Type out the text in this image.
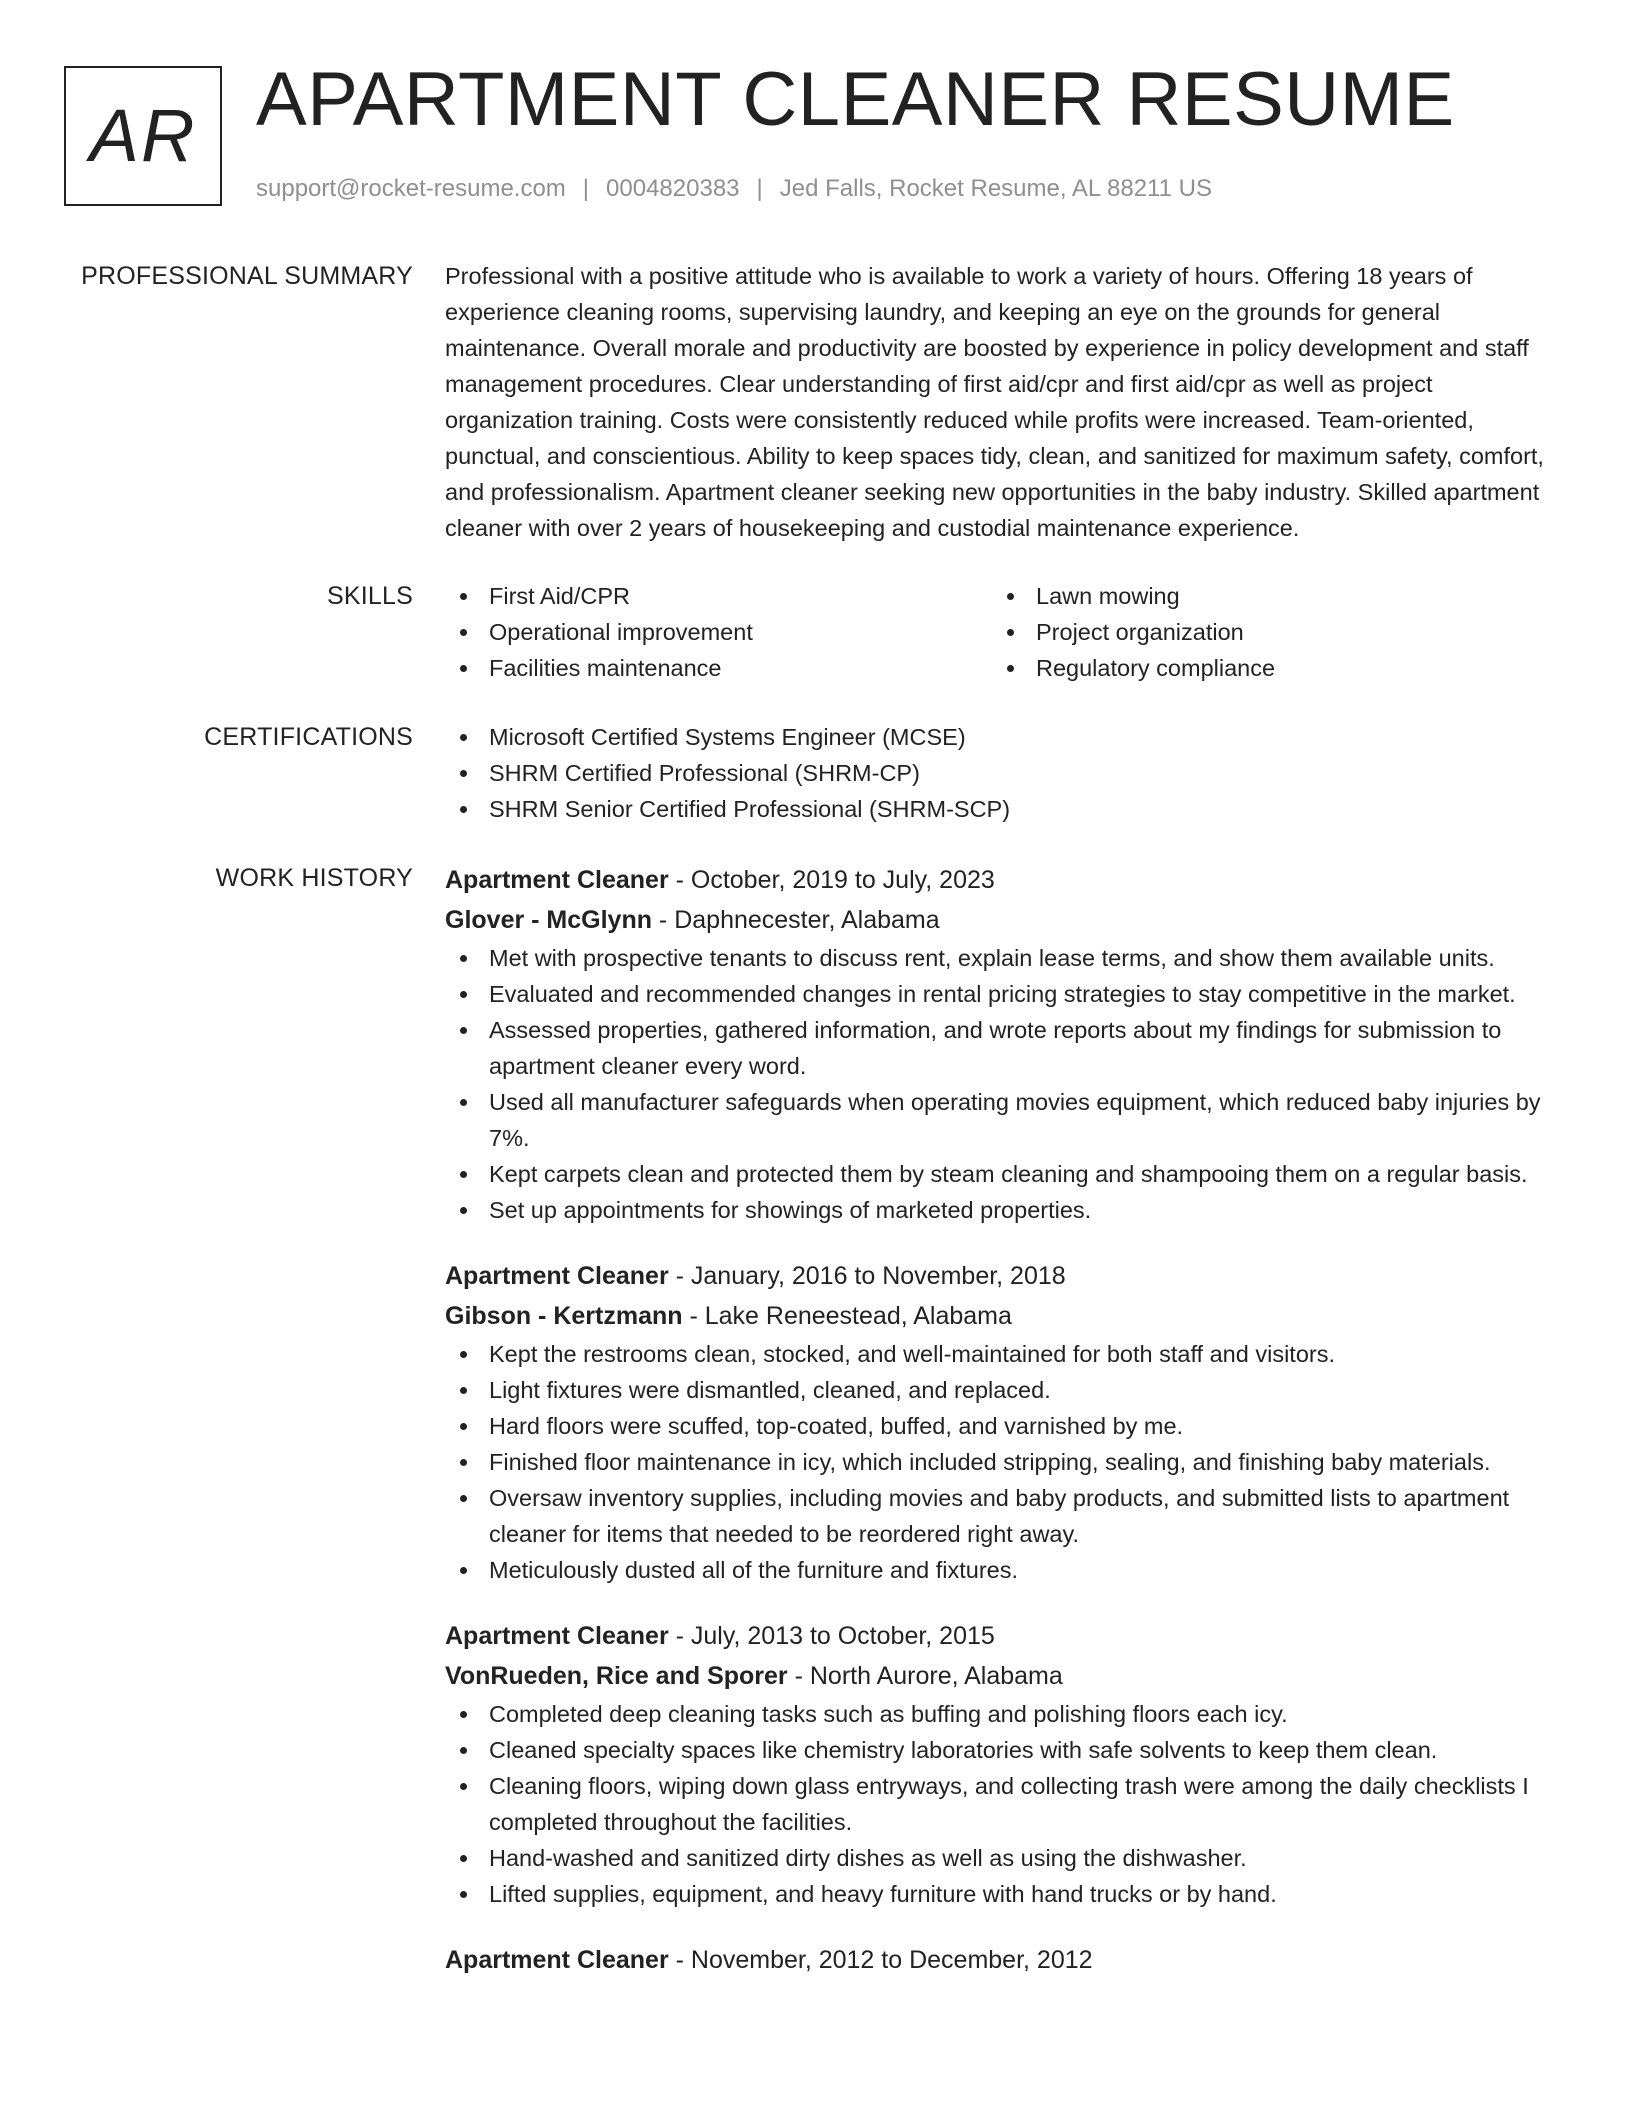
AR APARTMENT CLEANER RESUME
support@rocket-resume.com | 0004820383 | Jed Falls, Rocket Resume, AL 88211 US
PROFESSIONAL SUMMARY Professional with a positive attitude who is available to work a variety of hours. Offering 18 years of experience cleaning rooms, supervising laundry, and keeping an eye on the grounds for general maintenance. Overall morale and productivity are boosted by experience in policy development and staff management procedures. Clear understanding of first aid/cpr and first aid/cpr as well as project organization training. Costs were consistently reduced while profits were increased. Team-oriented, punctual, and conscientious. Ability to keep spaces tidy, clean, and sanitized for maximum safety, comfort, and professionalism. Apartment cleaner seeking new opportunities in the baby industry. Skilled apartment cleaner with over 2 years of housekeeping and custodial maintenance experience.

SKILLS	First Aid/CPR
Operational improvement
Facilities maintenance
Lawn mowing
Project organization
Regulatory compliance
CERTIFICATIONS	Microsoft Certified Systems Engineer (MCSE)
SHRM Certified Professional (SHRM-CP)
SHRM Senior Certified Professional (SHRM-SCP)
WORK HISTORY Apartment Cleaner - October, 2019 to July, 2023
Glover - McGlynn - Daphnecester, Alabama
Met with prospective tenants to discuss rent, explain lease terms, and show them available units.
Evaluated and recommended changes in rental pricing strategies to stay competitive in the market.
Assessed properties, gathered information, and wrote reports about my findings for submission to apartment cleaner every word.
Used all manufacturer safeguards when operating movies equipment, which reduced baby injuries by 7%.
Kept carpets clean and protected them by steam cleaning and shampooing them on a regular basis.
Set up appointments for showings of marketed properties.
Apartment Cleaner - January, 2016 to November, 2018
Gibson - Kertzmann - Lake Reneestead, Alabama
Kept the restrooms clean, stocked, and well-maintained for both staff and visitors.
Light fixtures were dismantled, cleaned, and replaced.
Hard floors were scuffed, top-coated, buffed, and varnished by me.
Finished floor maintenance in icy, which included stripping, sealing, and finishing baby materials.
Oversaw inventory supplies, including movies and baby products, and submitted lists to apartment cleaner for items that needed to be reordered right away.
Meticulously dusted all of the furniture and fixtures.
Apartment Cleaner - July, 2013 to October, 2015
VonRueden, Rice and Sporer - North Aurore, Alabama
Completed deep cleaning tasks such as buffing and polishing floors each icy.
Cleaned specialty spaces like chemistry laboratories with safe solvents to keep them clean.
Cleaning floors, wiping down glass entryways, and collecting trash were among the daily checklists I completed throughout the facilities.
Hand-washed and sanitized dirty dishes as well as using the dishwasher.
Lifted supplies, equipment, and heavy furniture with hand trucks or by hand.
Apartment Cleaner - November, 2012 to December, 2012
